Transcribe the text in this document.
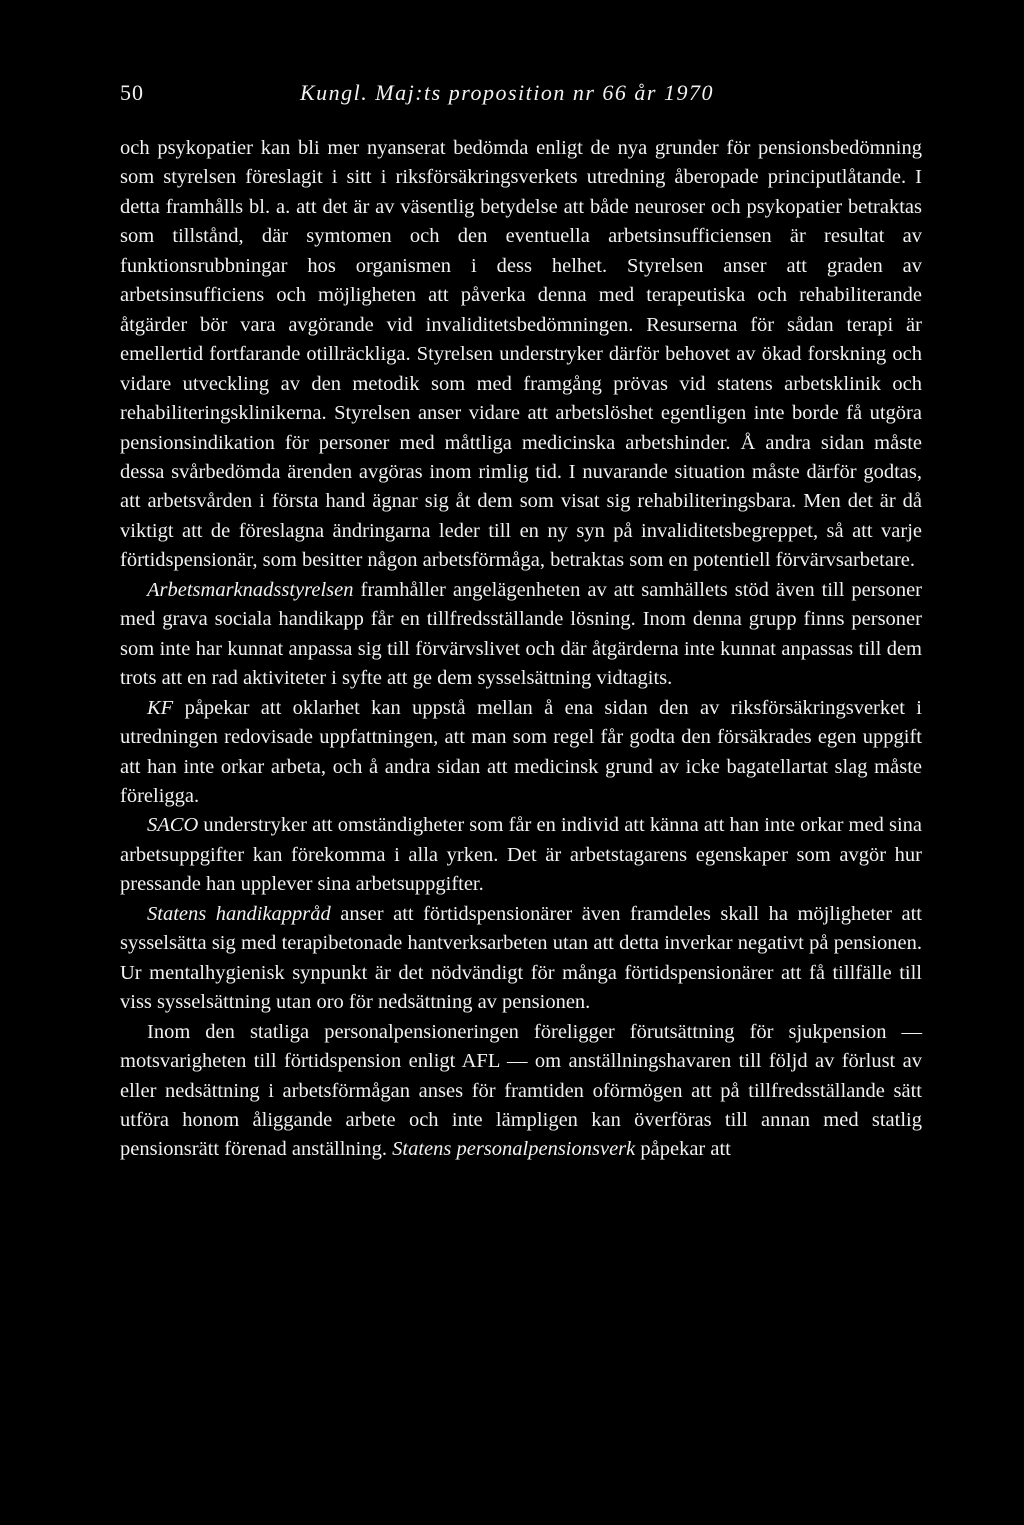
50	Kungl. Maj:ts proposition nr 66 år 1970

och psykopatier kan bli mer nyanserat bedömda enligt de nya grunder för pensionsbedömning som styrelsen föreslagit i sitt i riksförsäkringsverkets utredning åberopade principutlåtande. I detta framhålls bl. a. att det är av väsentlig betydelse att både neuroser och psykopatier betraktas som tillstånd, där symtomen och den eventuella arbetsinsufficiensen är resultat av funktionsrubbningar hos organismen i dess helhet. Styrelsen anser att graden av arbetsinsufficiens och möjligheten att påverka denna med terapeutiska och rehabiliterande åtgärder bör vara avgörande vid invaliditetsbedömningen. Resurserna för sådan terapi är emellertid fortfarande otillräckliga. Styrelsen understryker därför behovet av ökad forskning och vidare utveckling av den metodik som med framgång prövas vid statens arbetsklinik och rehabiliteringsklinikerna. Styrelsen anser vidare att arbetslöshet egentligen inte borde få utgöra pensionsindikation för personer med måttliga medicinska arbetshinder. Å andra sidan måste dessa svårbedömda ärenden avgöras inom rimlig tid. I nuvarande situation måste därför godtas, att arbetsvården i första hand ägnar sig åt dem som visat sig rehabiliteringsbara. Men det är då viktigt att de föreslagna ändringarna leder till en ny syn på invaliditetsbegreppet, så att varje förtidspensionär, som besitter någon arbetsförmåga, betraktas som en potentiell förvärvsarbetare.

Arbetsmarknadsstyrelsen framhåller angelägenheten av att samhällets stöd även till personer med grava sociala handikapp får en tillfredsställande lösning. Inom denna grupp finns personer som inte har kunnat anpassa sig till förvärvslivet och där åtgärderna inte kunnat anpassas till dem trots att en rad aktiviteter i syfte att ge dem sysselsättning vidtagits.

KF påpekar att oklarhet kan uppstå mellan å ena sidan den av riksförsäkringsverket i utredningen redovisade uppfattningen, att man som regel får godta den försäkrades egen uppgift att han inte orkar arbeta, och å andra sidan att medicinsk grund av icke bagatellartat slag måste föreligga.

SACO understryker att omständigheter som får en individ att känna att han inte orkar med sina arbetsuppgifter kan förekomma i alla yrken. Det är arbetstagarens egenskaper som avgör hur pressande han upplever sina arbetsuppgifter.

Statens handikappråd anser att förtidspensionärer även framdeles skall ha möjligheter att sysselsätta sig med terapibetonade hantverksarbeten utan att detta inverkar negativt på pensionen. Ur mentalhygienisk synpunkt är det nödvändigt för många förtidspensionärer att få tillfälle till viss sysselsättning utan oro för nedsättning av pensionen.

Inom den statliga personalpensioneringen föreligger förutsättning för sjukpension — motsvarigheten till förtidspension enligt AFL — om anställningshavaren till följd av förlust av eller nedsättning i arbetsförmågan anses för framtiden oförmögen att på tillfredsställande sätt utföra honom åliggande arbete och inte lämpligen kan överföras till annan med statlig pensionsrätt förenad anställning. Statens personalpensionsverk påpekar att
